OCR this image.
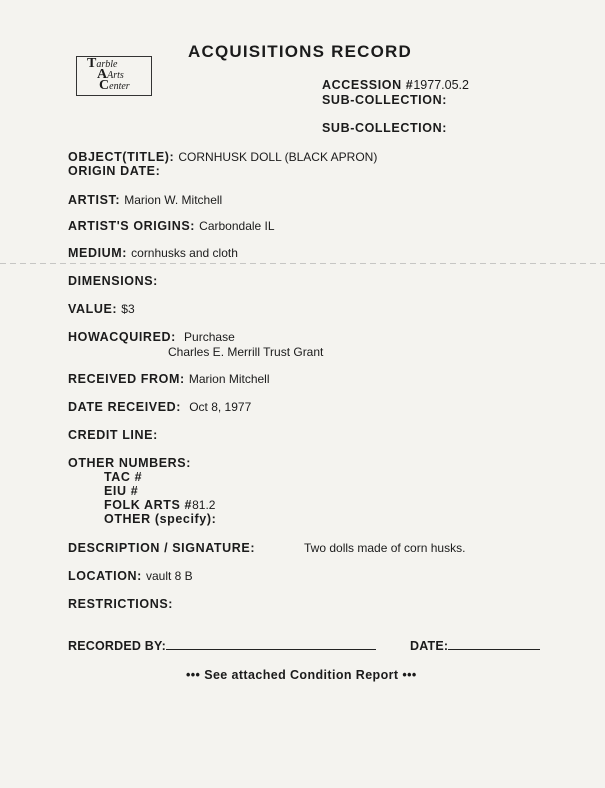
Tarble
AArts
Center
ACQUISITIONS RECORD
ACCESSION #1977.05.2
SUB-COLLECTION:
SUB-COLLECTION:
OBJECT(TITLE): CORNHUSK DOLL (BLACK APRON)
ORIGIN DATE:
ARTIST: Marion W. Mitchell
ARTIST'S ORIGINS: Carbondale IL
MEDIUM: cornhusks and cloth
DIMENSIONS:
VALUE: $3
HOWACQUIRED: Purchase
Charles E. Merrill Trust Grant
RECEIVED FROM: Marion Mitchell
DATE RECEIVED: Oct 8, 1977
CREDIT LINE:
OTHER NUMBERS:
TAC #
EIU #
FOLK ARTS #81.2
OTHER (specify):
DESCRIPTION / SIGNATURE:	Two dolls made of corn husks.
LOCATION: vault 8 B
RESTRICTIONS:
RECORDED BY:	DATE:
••• See attached Condition Report •••
